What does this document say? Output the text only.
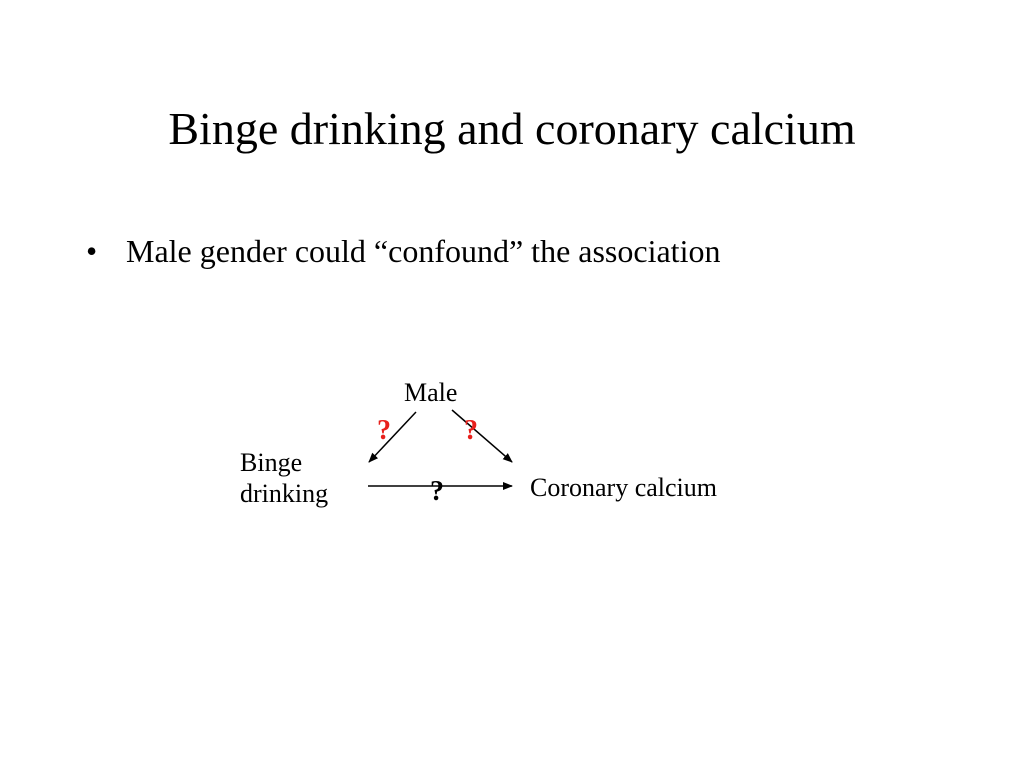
Binge drinking and coronary calcium
• Male gender could “confound” the association
Male
Binge
drinking	Coronary calcium
?	?
?
